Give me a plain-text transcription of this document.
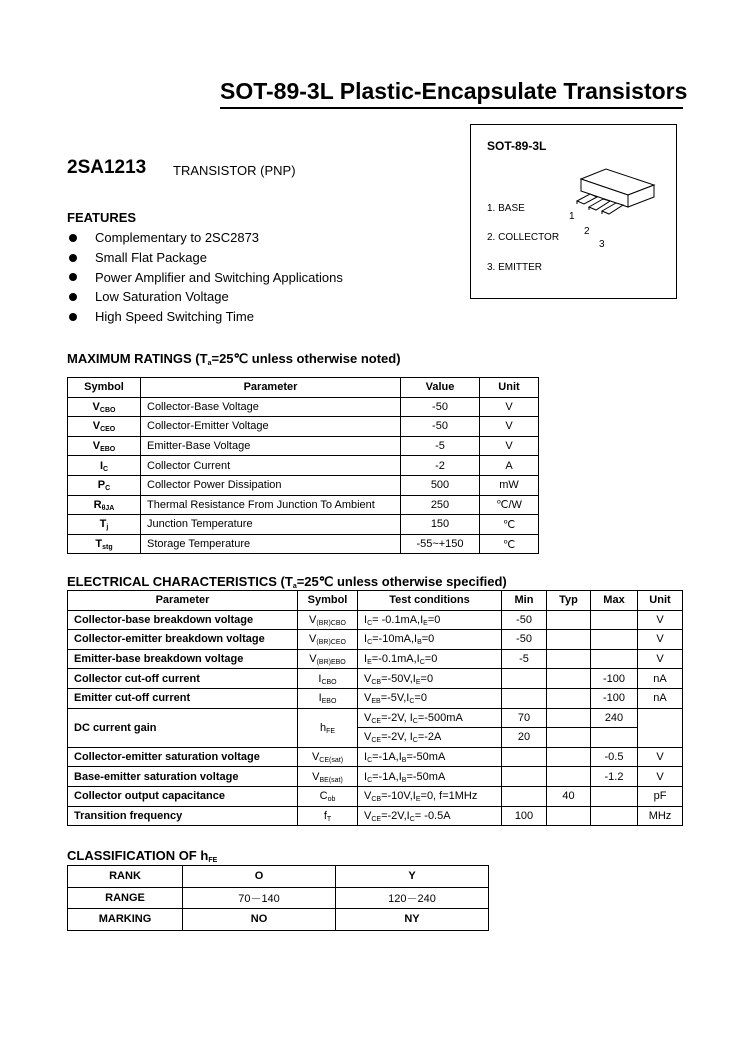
SOT-89-3L Plastic-Encapsulate Transistors
2SA1213 TRANSISTOR (PNP)
SOT-89-3L
1. BASE
2. COLLECTOR
3. EMITTER
1
2
3
FEATURES
Complementary to 2SC2873
Small Flat Package
Power Amplifier and Switching Applications
Low Saturation Voltage
High Speed Switching Time
MAXIMUM RATINGS ($T_a=25℃$ unless otherwise noted)
Symbol	Parameter	Value	Unit
$V_{CBO}$	Collector-Base Voltage	-50	V
$V_{CEO}$	Collector-Emitter Voltage	-50	V
$V_{EBO}$	Emitter-Base Voltage	-5	V
$I_C$	Collector Current	-2	A
$P_C$	Collector Power Dissipation	500	mW
$R_{\theta JA}$	Thermal Resistance From Junction To Ambient	250	℃/W
$T_j$	Junction Temperature	150	℃
$T_{stg}$	Storage Temperature	-55~+150	℃
ELECTRICAL CHARACTERISTICS ($T_a=25℃$ unless otherwise specified)
Parameter	Symbol	Test conditions	Min	Typ	Max	Unit
Collector-base breakdown voltage	$V_{(BR)CBO}$	$I_C= -0.1mA,I_E=0$	-50			V
Collector-emitter breakdown voltage	$V_{(BR)CEO}$	$I_C=-10mA,I_B=0$	-50			V
Emitter-base breakdown voltage	$V_{(BR)EBO}$	$I_E=-0.1mA,I_C=0$	-5			V
Collector cut-off current	$I_{CBO}$	$V_{CB}=-50V,I_E=0$			-100	nA
Emitter cut-off current	$I_{EBO}$	$V_{EB}=-5V,I_C=0$			-100	nA
DC current gain	$h_{FE}$	$V_{CE}=-2V$, $I_C=-500mA$	70		240	
		$V_{CE}=-2V$, $I_C=-2A$	20			
Collector-emitter saturation voltage	$V_{CE(sat)}$	$I_C=-1A,I_B=-50mA$			-0.5	V
Base-emitter saturation voltage	$V_{BE(sat)}$	$I_C=-1A,I_B=-50mA$			-1.2	V
Collector output capacitance	$C_{ob}$	$V_{CB}=-10V,I_E=0$, f=1MHz		40		pF
Transition frequency	$f_T$	$V_{CE}=-2V,I_C= -0.5A$	100			MHz
CLASSIFICATION OF $h_{FE}$
RANK	O	Y
RANGE	70－140	120－240
MARKING	NO	NY
